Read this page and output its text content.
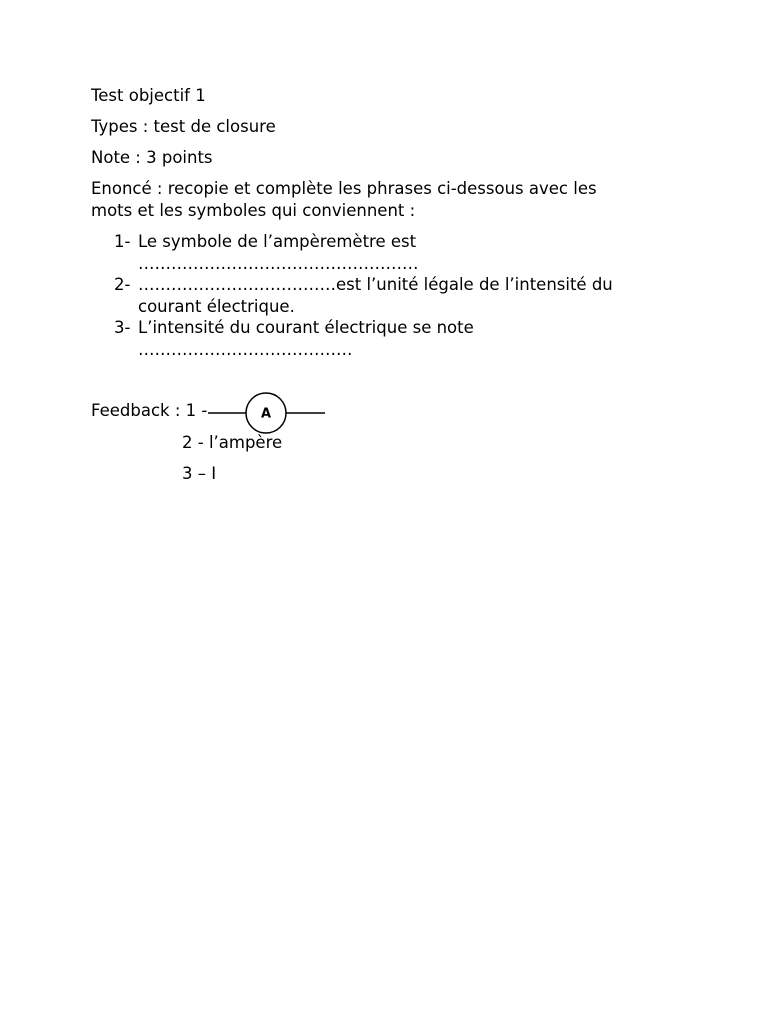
Test objectif 1
Types : test de closure
Note : 3 points
Enoncé : recopie et complète les phrases ci-dessous avec les
mots et les symboles qui conviennent :
1- Le symbole de l’ampèremètre est
……………………………………………
2- ………………………………est l’unité légale de l’intensité du
courant électrique.
3- L’intensité du courant électrique se note
…………………………………
Feedback : 1 -	A
2 - l’ampère
3 – I
